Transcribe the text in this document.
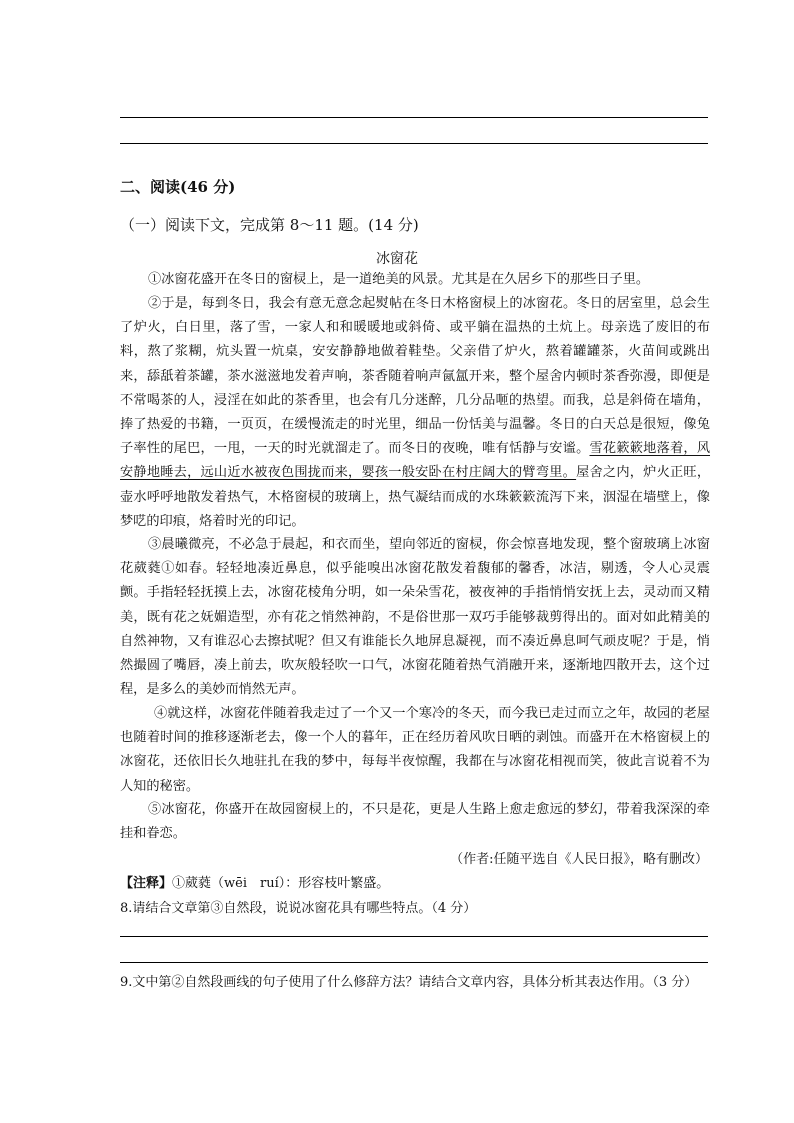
二、阅读(46 分)
（一）阅读下文，完成第 8～11 题。(14 分)
冰窗花
①冰窗花盛开在冬日的窗棂上，是一道绝美的风景。尤其是在久居乡下的那些日子里。
②于是，每到冬日，我会有意无意念起熨帖在冬日木格窗棂上的冰窗花。冬日的居室里，总会生了炉火，白日里，落了雪，一家人和和暖暖地或斜倚、或平躺在温热的土炕上。母亲选了废旧的布料，熬了浆糊，炕头置一炕桌，安安静静地做着鞋垫。父亲借了炉火，熬着罐罐茶，火苗间或跳出来，舔舐着茶罐，茶水滋滋地发着声响，茶香随着响声氤氲开来，整个屋舍内顿时茶香弥漫，即便是不常喝茶的人，浸淫在如此的茶香里，也会有几分迷醉，几分品咂的热望。而我，总是斜倚在墙角，捧了热爱的书籍，一页页，在缓慢流走的时光里，细品一份恬美与温馨。冬日的白天总是很短，像兔子率性的尾巴，一甩，一天的时光就溜走了。而冬日的夜晚，唯有恬静与安谧。雪花簌簌地落着，风安静地睡去，远山近水被夜色围拢而来，婴孩一般安卧在村庄阔大的臂弯里。屋舍之内，炉火正旺，壶水呼呼地散发着热气，木格窗棂的玻璃上，热气凝结而成的水珠簌簌流泻下来，洇湿在墙壁上，像梦呓的印痕，烙着时光的印记。
③晨曦微亮，不必急于晨起，和衣而坐，望向邻近的窗棂，你会惊喜地发现，整个窗玻璃上冰窗花葳蕤①如春。轻轻地凑近鼻息，似乎能嗅出冰窗花散发着馥郁的馨香，冰洁，剔透，令人心灵震颤。手指轻轻抚摸上去，冰窗花棱角分明，如一朵朵雪花，被夜神的手指悄悄安抚上去，灵动而又精美，既有花之妩媚造型，亦有花之悄然神韵，不是俗世那一双巧手能够裁剪得出的。面对如此精美的自然神物，又有谁忍心去擦拭呢？但又有谁能长久地屏息凝视，而不凑近鼻息呵气顽皮呢？于是，悄然撮圆了嘴唇，凑上前去，吹灰般轻吹一口气，冰窗花随着热气消融开来，逐渐地四散开去，这个过程，是多么的美妙而悄然无声。
④就这样，冰窗花伴随着我走过了一个又一个寒冷的冬天，而今我已走过而立之年，故园的老屋也随着时间的推移逐渐老去，像一个人的暮年，正在经历着风吹日晒的剥蚀。而盛开在木格窗棂上的冰窗花，还依旧长久地驻扎在我的梦中，每每半夜惊醒，我都在与冰窗花相视而笑，彼此言说着不为人知的秘密。
⑤冰窗花，你盛开在故园窗棂上的，不只是花，更是人生路上愈走愈远的梦幻，带着我深深的牵挂和眷恋。
（作者:任随平选自《人民日报》，略有删改）
【注释】①葳蕤（wēi　ruí）：形容枝叶繁盛。
8.请结合文章第③自然段，说说冰窗花具有哪些特点。（4 分）
9.文中第②自然段画线的句子使用了什么修辞方法？请结合文章内容，具体分析其表达作用。（3 分）
